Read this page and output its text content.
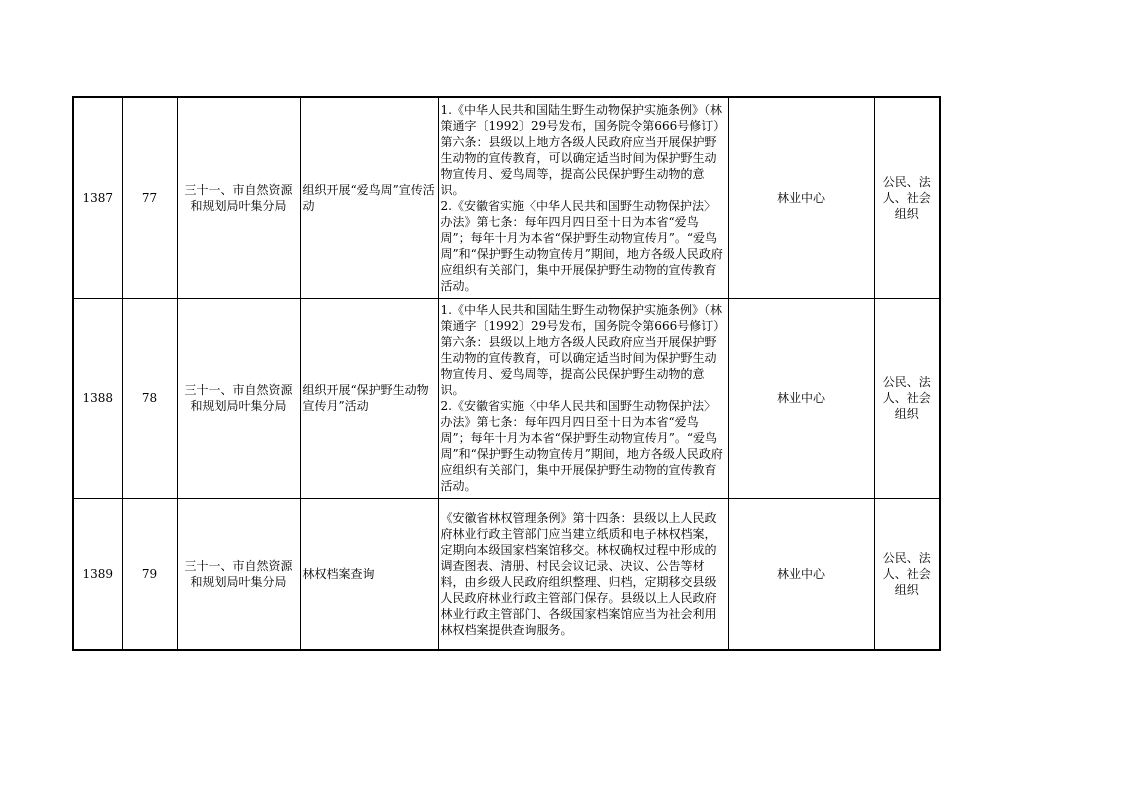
1387	77	三十一、市自然资源和规划局叶集分局	组织开展“爱鸟周”宣传活动	1.《中华人民共和国陆生野生动物保护实施条例》（林策通字〔1992〕29号发布，国务院令第666号修订）第六条：县级以上地方各级人民政府应当开展保护野生动物的宣传教育，可以确定适当时间为保护野生动物宣传月、爱鸟周等，提高公民保护野生动物的意识。
2.《安徽省实施〈中华人民共和国野生动物保护法〉办法》第七条：每年四月四日至十日为本省“爱鸟周”；每年十月为本省“保护野生动物宣传月”。“爱鸟周”和“保护野生动物宣传月”期间，地方各级人民政府应组织有关部门，集中开展保护野生动物的宣传教育活动。	林业中心	公民、法人、社会组织
1388	78	三十一、市自然资源和规划局叶集分局	组织开展“保护野生动物宣传月”活动	1.《中华人民共和国陆生野生动物保护实施条例》（林策通字〔1992〕29号发布，国务院令第666号修订）第六条：县级以上地方各级人民政府应当开展保护野生动物的宣传教育，可以确定适当时间为保护野生动物宣传月、爱鸟周等，提高公民保护野生动物的意识。
2.《安徽省实施〈中华人民共和国野生动物保护法〉办法》第七条：每年四月四日至十日为本省“爱鸟周”；每年十月为本省“保护野生动物宣传月”。“爱鸟周”和“保护野生动物宣传月”期间，地方各级人民政府应组织有关部门，集中开展保护野生动物的宣传教育活动。	林业中心	公民、法人、社会组织
1389	79	三十一、市自然资源和规划局叶集分局	林权档案查询	《安徽省林权管理条例》第十四条：县级以上人民政府林业行政主管部门应当建立纸质和电子林权档案，定期向本级国家档案馆移交。林权确权过程中形成的调查图表、清册、村民会议记录、决议、公告等材料，由乡级人民政府组织整理、归档，定期移交县级人民政府林业行政主管部门保存。县级以上人民政府林业行政主管部门、各级国家档案馆应当为社会利用林权档案提供查询服务。	林业中心	公民、法人、社会组织
